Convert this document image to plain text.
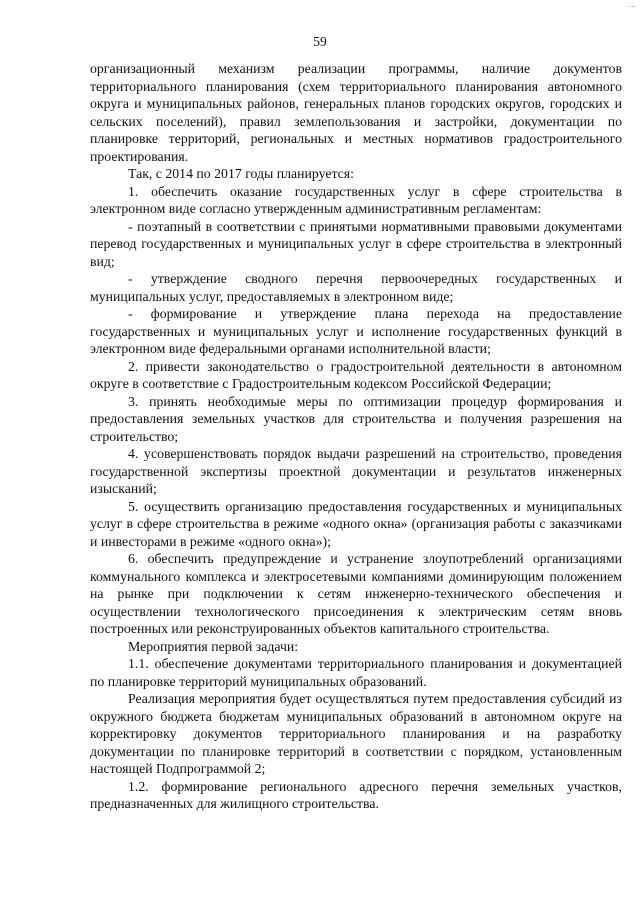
…
59

организационный механизм реализации программы, наличие документов территориального планирования (схем территориального планирования автономного округа и муниципальных районов, генеральных планов городских округов, городских и сельских поселений), правил землепользования и застройки, документации по планировке территорий, региональных и местных нормативов градостроительного проектирования.

Так, с 2014 по 2017 годы планируется:

1. обеспечить оказание государственных услуг в сфере строительства в электронном виде согласно утвержденным административным регламентам:

- поэтапный в соответствии с принятыми нормативными правовыми документами перевод государственных и муниципальных услуг в сфере строительства в электронный вид;

- утверждение сводного перечня первоочередных государственных и муниципальных услуг, предоставляемых в электронном виде;

- формирование и утверждение плана перехода на предоставление государственных и муниципальных услуг и исполнение государственных функций в электронном виде федеральными органами исполнительной власти;

2. привести законодательство о градостроительной деятельности в автономном округе в соответствие с Градостроительным кодексом Российской Федерации;

3. принять необходимые меры по оптимизации процедур формирования и предоставления земельных участков для строительства и получения разрешения на строительство;

4. усовершенствовать порядок выдачи разрешений на строительство, проведения государственной экспертизы проектной документации и результатов инженерных изысканий;

5. осуществить организацию предоставления государственных и муниципальных услуг в сфере строительства в режиме «одного окна» (организация работы с заказчиками и инвесторами в режиме «одного окна»);

6. обеспечить предупреждение и устранение злоупотреблений организациями коммунального комплекса и электросетевыми компаниями доминирующим положением на рынке при подключении к сетям инженерно-технического обеспечения и осуществлении технологического присоединения к электрическим сетям вновь построенных или реконструированных объектов капитального строительства.

Мероприятия первой задачи:

1.1. обеспечение документами территориального планирования и документацией по планировке территорий муниципальных образований.

Реализация мероприятия будет осуществляться путем предоставления субсидий из окружного бюджета бюджетам муниципальных образований в автономном округе на корректировку документов территориального планирования и на разработку документации по планировке территорий в соответствии с порядком, установленным настоящей Подпрограммой 2;

1.2. формирование регионального адресного перечня земельных участков, предназначенных для жилищного строительства.
